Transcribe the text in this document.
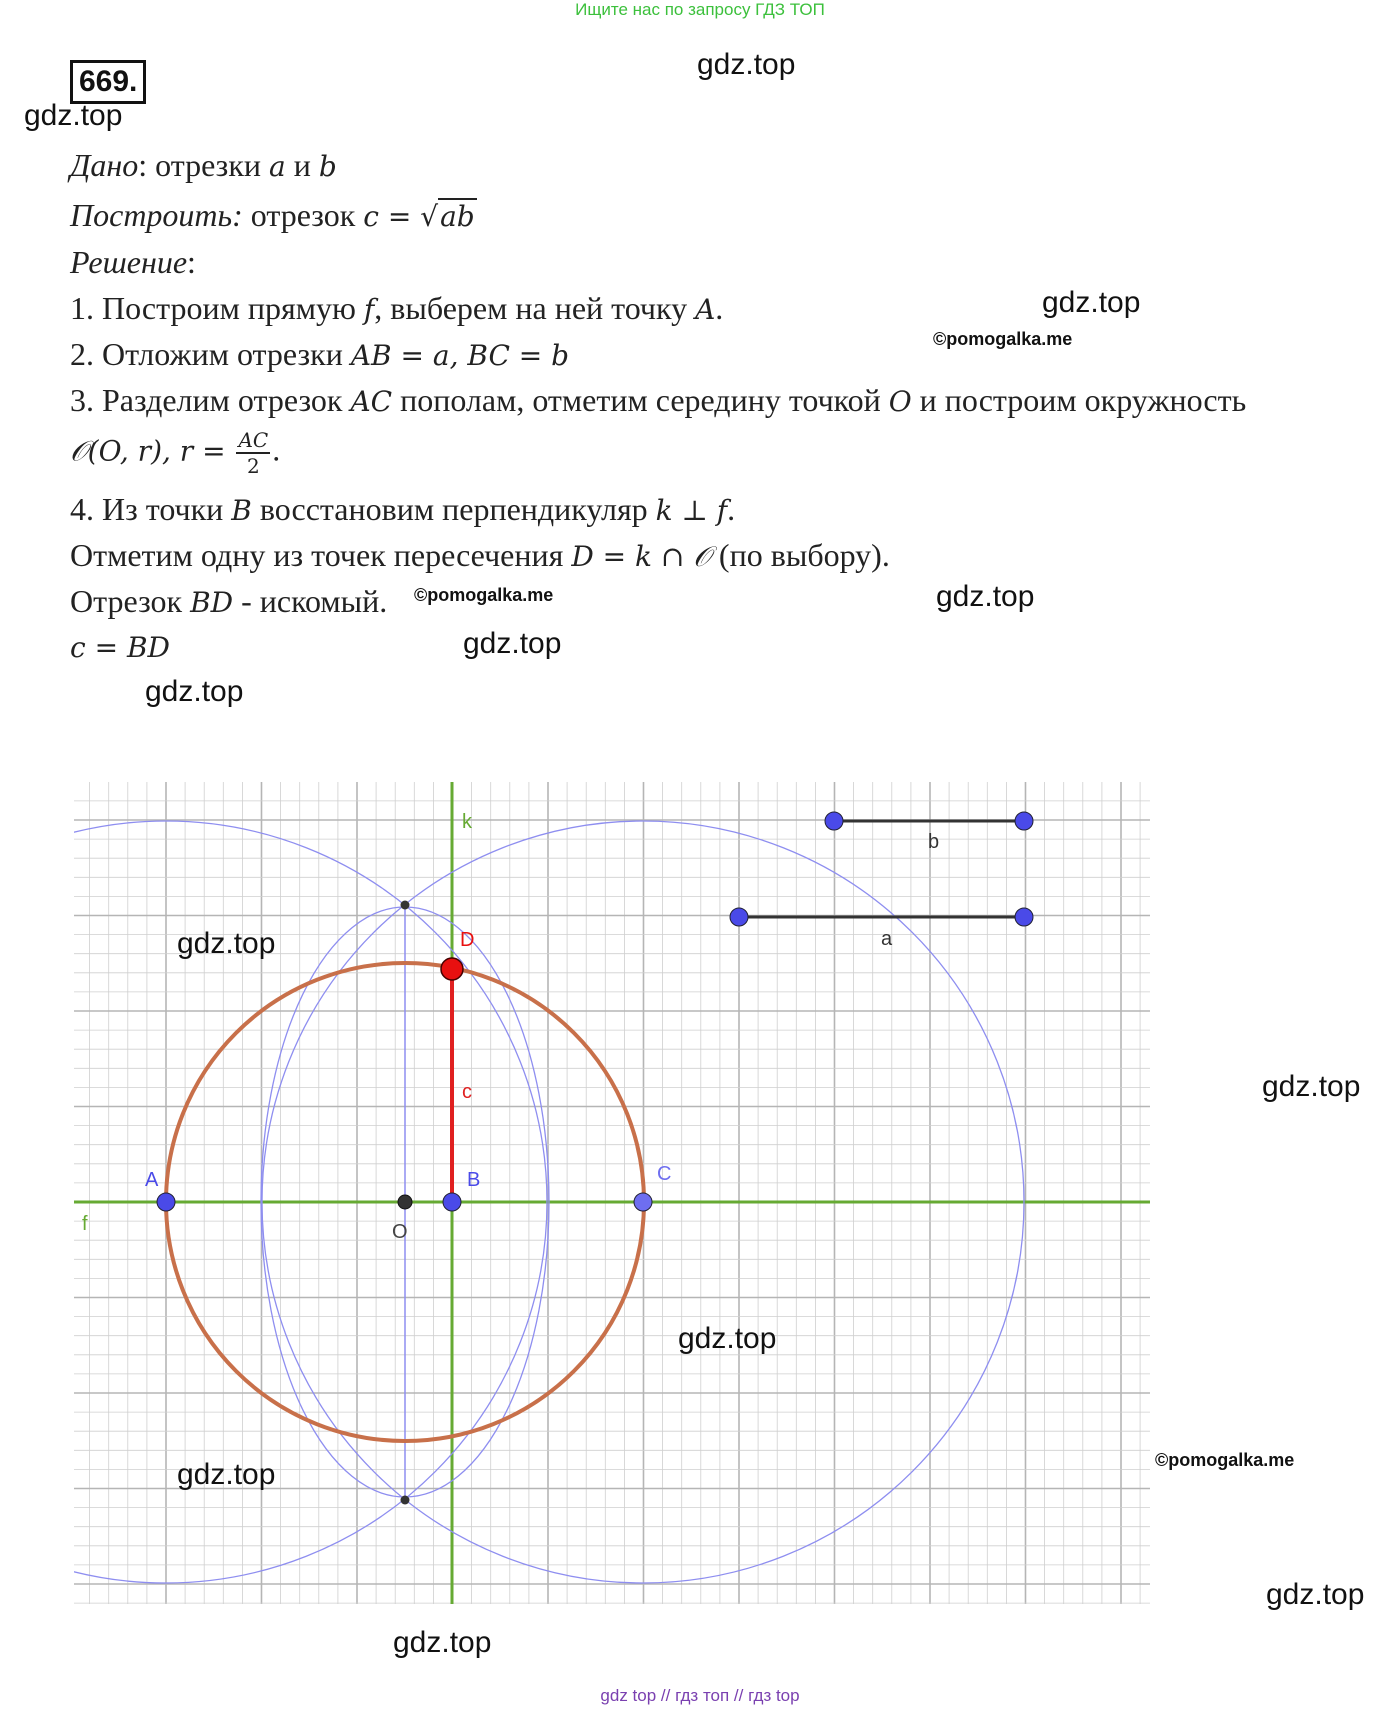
Ищите нас по запросу ГДЗ ТОП
669.
gdz.top
gdz.top
gdz.top
©pomogalka.me
©pomogalka.me	gdz.top
gdz.top
gdz.top
Дано: отрезки a и b
Построить: отрезок c = √ab
Решение:
1. Построим прямую f, выберем на ней точку A.
2. Отложим отрезки AB = a, BC = b
3. Разделим отрезок AC пополам, отметим середину точкой O и построим окружность
𝒪(O, r), $r = \frac{AC}{2}$ .
4. Из точки B восстановим перпендикуляр k ⊥ f.
Отметим одну из точек пересечения D = k ∩ 𝒪 (по выбору).
Отрезок BD - искомый.
c = BD
k
f
A	B	C
O
D
c
a
b
gdz.top
gdz.top
gdz.top
©pomogalka.me
gdz.top
gdz.top
gdz.top
gdz top // гдз топ // гдз top
